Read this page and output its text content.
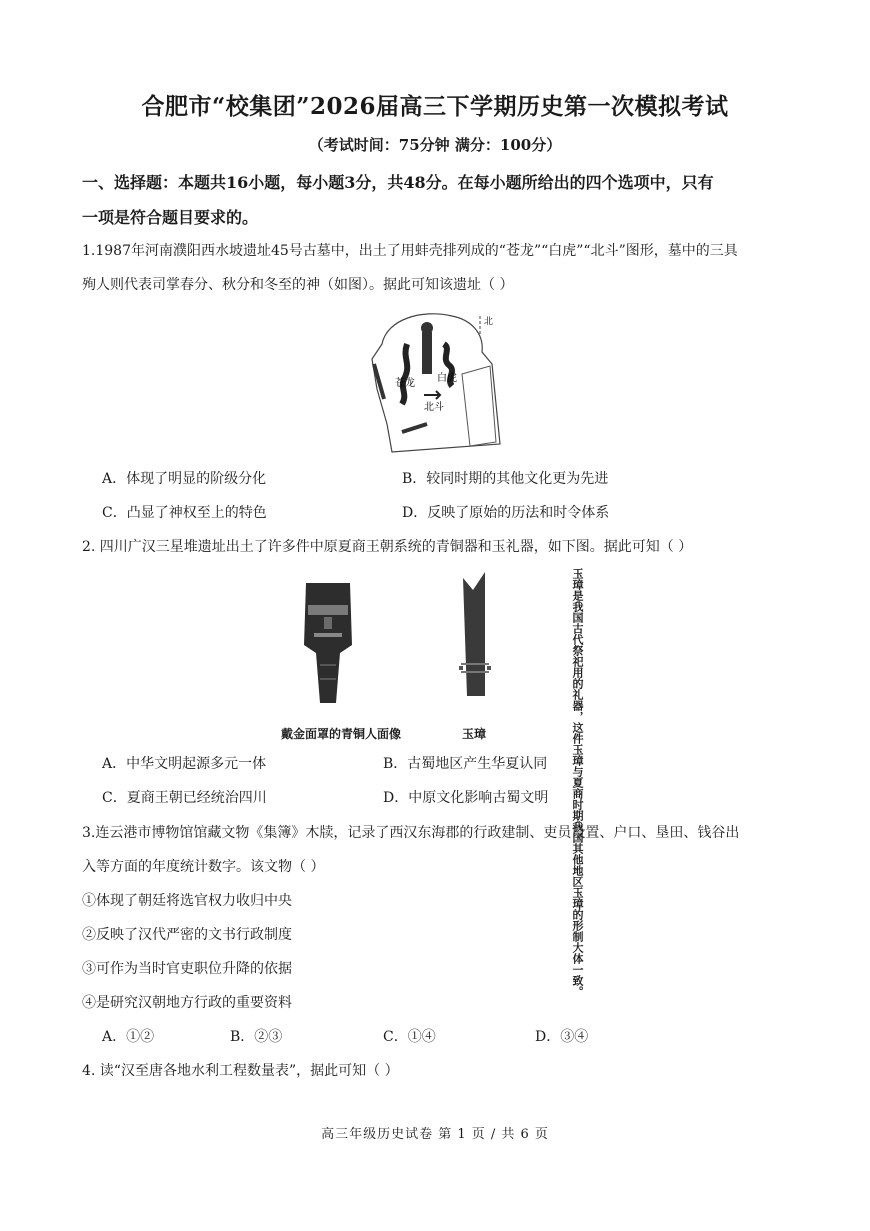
合肥市“校集团”2026届高三下学期历史第一次模拟考试
（考试时间：75分钟 满分：100分）
一、选择题：本题共16小题，每小题3分，共48分。在每小题所给出的四个选项中，只有
一项是符合题目要求的。
1.1987年河南濮阳西水坡遗址45号古墓中，出土了用蚌壳排列成的“苍龙”“白虎”“北斗”图形，墓中的三具
殉人则代表司掌春分、秋分和冬至的神（如图）。据此可知该遗址（ ）
北
苍龙 白虎
北斗
A．体现了明显的阶级分化	B．较同时期的其他文化更为先进
C．凸显了神权至上的特色	D．反映了原始的历法和时令体系
2. 四川广汉三星堆遗址出土了许多件中原夏商王朝系统的青铜器和玉礼器，如下图。据此可知（ ）
玉璋是我国古代祭祀用的礼器，这件玉璋与夏商时期我国其他地区玉璋的形制大体一致。
戴金面罩的青铜人面像	玉璋
A．中华文明起源多元一体	B．古蜀地区产生华夏认同
C．夏商王朝已经统治四川	D．中原文化影响古蜀文明
3.连云港市博物馆馆藏文物《集簿》木牍，记录了西汉东海郡的行政建制、吏员设置、户口、垦田、钱谷出
入等方面的年度统计数字。该文物（ ）
①体现了朝廷将选官权力收归中央
②反映了汉代严密的文书行政制度
③可作为当时官吏职位升降的依据
④是研究汉朝地方行政的重要资料
A．①②	B．②③	C．①④	D．③④
4. 读“汉至唐各地水利工程数量表”，据此可知（ ）
高三年级历史试卷 第 1 页 / 共 6 页
